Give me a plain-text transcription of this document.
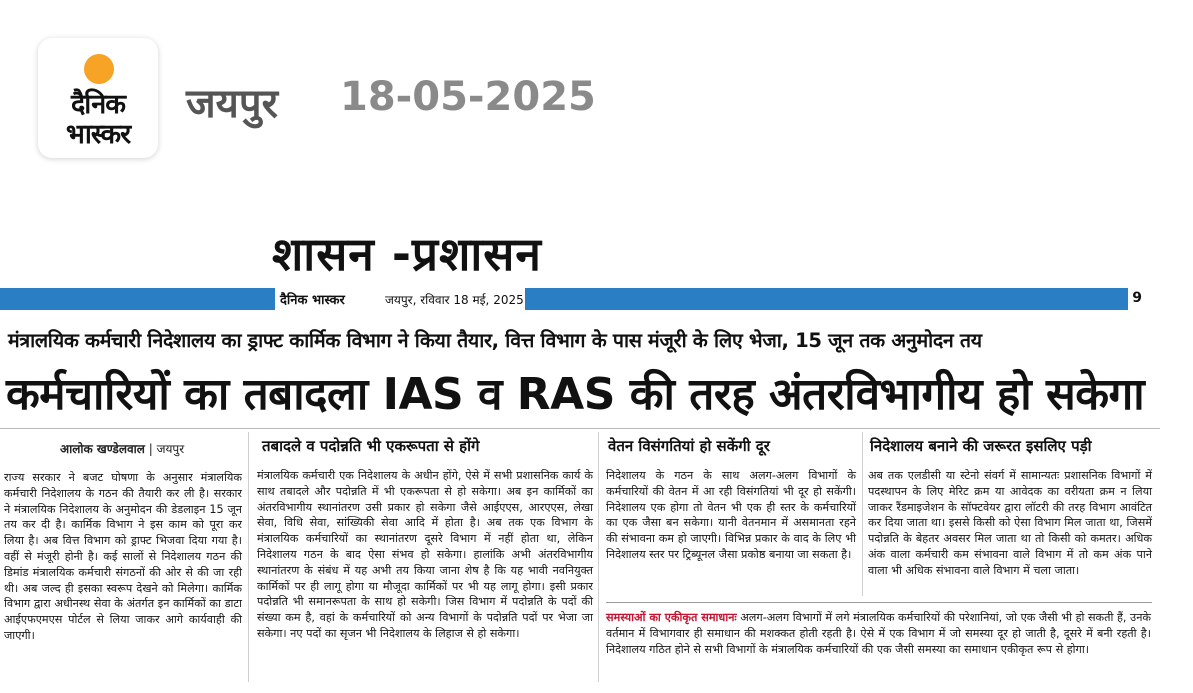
दैनिक
भास्कर
जयपुर 18-05-2025
शासन -प्रशासन
दैनिक भास्कर	जयपुर, रविवार 18 मई, 2025	9
मंत्रालयिक कर्मचारी निदेशालय का ड्राफ्ट कार्मिक विभाग ने किया तैयार, वित्त विभाग के पास मंजूरी के लिए भेजा, 15 जून तक अनुमोदन तय
कर्मचारियों का तबादला IAS व RAS की तरह अंतरविभागीय हो सकेगा
आलोक खण्डेलवाल | जयपुर
राज्य सरकार ने बजट घोषणा के अनुसार मंत्रालयिक कर्मचारी निदेशालय के गठन की तैयारी कर ली है। सरकार ने मंत्रालयिक निदेशालय के अनुमोदन की डेडलाइन 15 जून तय कर दी है। कार्मिक विभाग ने इस काम को पूरा कर लिया है। अब वित्त विभाग को ड्राफ्ट भिजवा दिया गया है। वहीं से मंजूरी होनी है। कई सालों से निदेशालय गठन की डिमांड मंत्रालयिक कर्मचारी संगठनों की ओर से की जा रही थी। अब जल्द ही इसका स्वरूप देखने को मिलेगा। कार्मिक विभाग द्वारा अधीनस्थ सेवा के अंतर्गत इन कार्मिकों का डाटा आईएफएमएस पोर्टल से लिया जाकर आगे कार्यवाही की जाएगी।
तबादले व पदोन्नति भी एकरूपता से होंगे
मंत्रालयिक कर्मचारी एक निदेशालय के अधीन होंगे, ऐसे में सभी प्रशासनिक कार्य के साथ तबादले और पदोन्नति में भी एकरूपता से हो सकेगा। अब इन कार्मिकों का अंतरविभागीय स्थानांतरण उसी प्रकार हो सकेगा जैसे आईएएस, आरएएस, लेखा सेवा, विधि सेवा, सांख्यिकी सेवा आदि में होता है। अब तक एक विभाग के मंत्रालयिक कर्मचारियों का स्थानांतरण दूसरे विभाग में नहीं होता था, लेकिन निदेशालय गठन के बाद ऐसा संभव हो सकेगा। हालांकि अभी अंतरविभागीय स्थानांतरण के संबंध में यह अभी तय किया जाना शेष है कि यह भावी नवनियुक्त कार्मिकों पर ही लागू होगा या मौजूदा कार्मिकों पर भी यह लागू होगा। इसी प्रकार पदोन्नति भी समानरूपता के साथ हो सकेगी। जिस विभाग में पदोन्नति के पदों की संख्या कम है, वहां के कर्मचारियों को अन्य विभागों के पदोन्नति पदों पर भेजा जा सकेगा। नए पदों का सृजन भी निदेशालय के लिहाज से हो सकेगा।
वेतन विसंगतियां हो सकेंगी दूर
निदेशालय के गठन के साथ अलग-अलग विभागों के कर्मचारियों की वेतन में आ रही विसंगतियां भी दूर हो सकेंगी। निदेशालय एक होगा तो वेतन भी एक ही स्तर के कर्मचारियों का एक जैसा बन सकेगा। यानी वेतनमान में असमानता रहने की संभावना कम हो जाएगी। विभिन्न प्रकार के वाद के लिए भी निदेशालय स्तर पर ट्रिब्यूनल जैसा प्रकोष्ठ बनाया जा सकता है।
निदेशालय बनाने की जरूरत इसलिए पड़ी
अब तक एलडीसी या स्टेनो संवर्ग में सामान्यतः प्रशासनिक विभागों में पदस्थापन के लिए मेरिट क्रम या आवेदक का वरीयता क्रम न लिया जाकर रैंडमाइजेशन के सॉफ्टवेयर द्वारा लॉटरी की तरह विभाग आवंटित कर दिया जाता था। इससे किसी को ऐसा विभाग मिल जाता था, जिसमें पदोन्नति के बेहतर अवसर मिल जाता था तो किसी को कमतर। अधिक अंक वाला कर्मचारी कम संभावना वाले विभाग में तो कम अंक पाने वाला भी अधिक संभावना वाले विभाग में चला जाता।
समस्याओं का एकीकृत समाधानः अलग-अलग विभागों में लगे मंत्रालयिक कर्मचारियों की परेशानियां, जो एक जैसी भी हो सकती हैं, उनके वर्तमान में विभागवार ही समाधान की मशक्कत होती रहती है। ऐसे में एक विभाग में जो समस्या दूर हो जाती है, दूसरे में बनी रहती है। निदेशालय गठित होने से सभी विभागों के मंत्रालयिक कर्मचारियों की एक जैसी समस्या का समाधान एकीकृत रूप से होगा।
